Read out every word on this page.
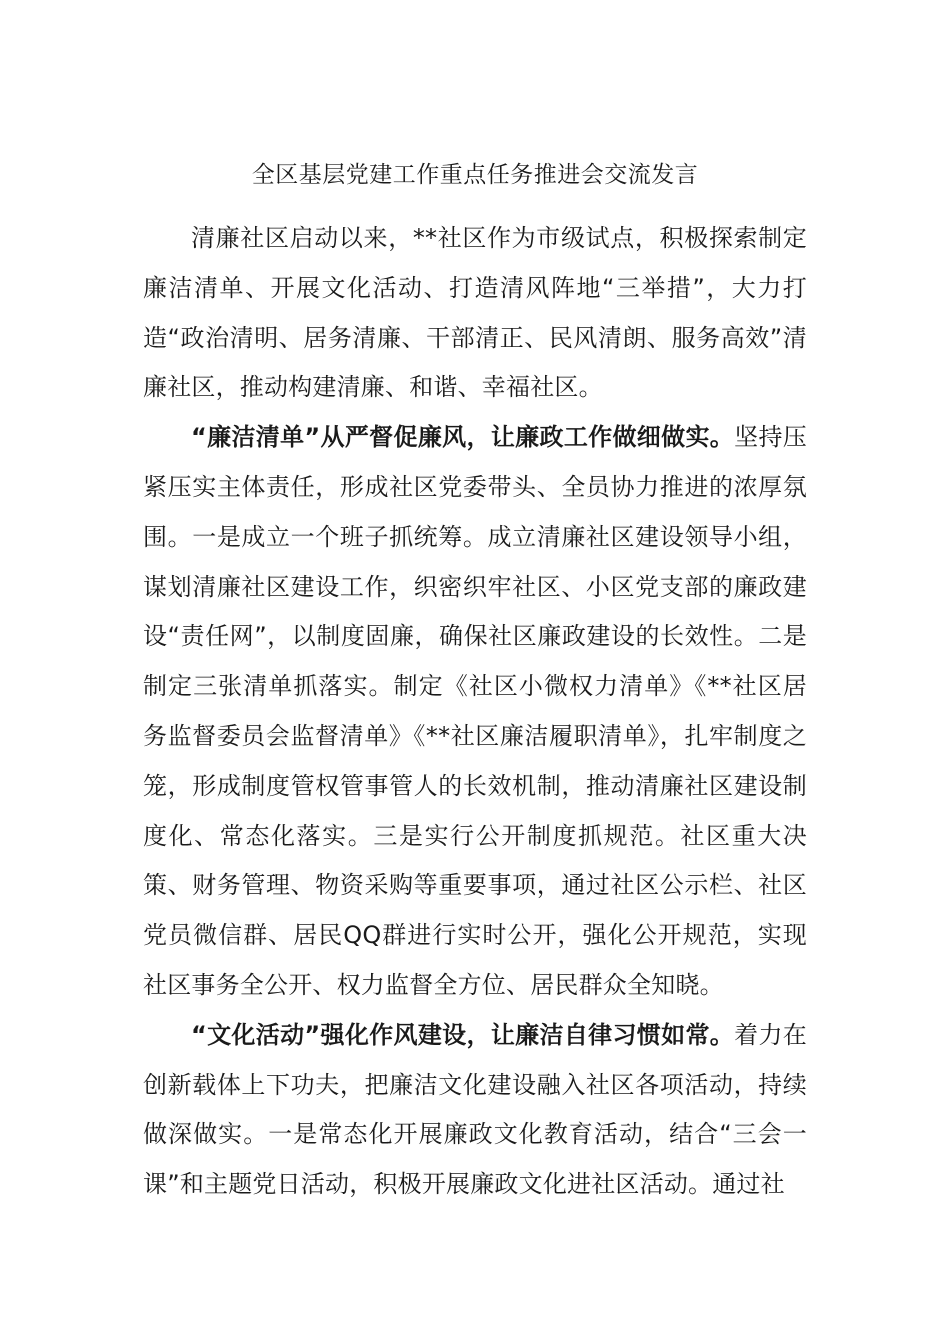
全区基层党建工作重点任务推进会交流发言

清廉社区启动以来，**社区作为市级试点，积极探索制定廉洁清单、开展文化活动、打造清风阵地“三举措”，大力打造“政治清明、居务清廉、干部清正、民风清朗、服务高效”清廉社区，推动构建清廉、和谐、幸福社区。

“廉洁清单”从严督促廉风，让廉政工作做细做实。坚持压紧压实主体责任，形成社区党委带头、全员协力推进的浓厚氛围。一是成立一个班子抓统筹。成立清廉社区建设领导小组，谋划清廉社区建设工作，织密织牢社区、小区党支部的廉政建设“责任网”，以制度固廉，确保社区廉政建设的长效性。二是制定三张清单抓落实。制定《社区小微权力清单》《**社区居务监督委员会监督清单》《**社区廉洁履职清单》，扎牢制度之笼，形成制度管权管事管人的长效机制，推动清廉社区建设制度化、常态化落实。三是实行公开制度抓规范。社区重大决策、财务管理、物资采购等重要事项，通过社区公示栏、社区党员微信群、居民QQ群进行实时公开，强化公开规范，实现社区事务全公开、权力监督全方位、居民群众全知晓。

“文化活动”强化作风建设，让廉洁自律习惯如常。着力在创新载体上下功夫，把廉洁文化建设融入社区各项活动，持续做深做实。一是常态化开展廉政文化教育活动，结合“三会一课”和主题党日活动，积极开展廉政文化进社区活动。通过社
